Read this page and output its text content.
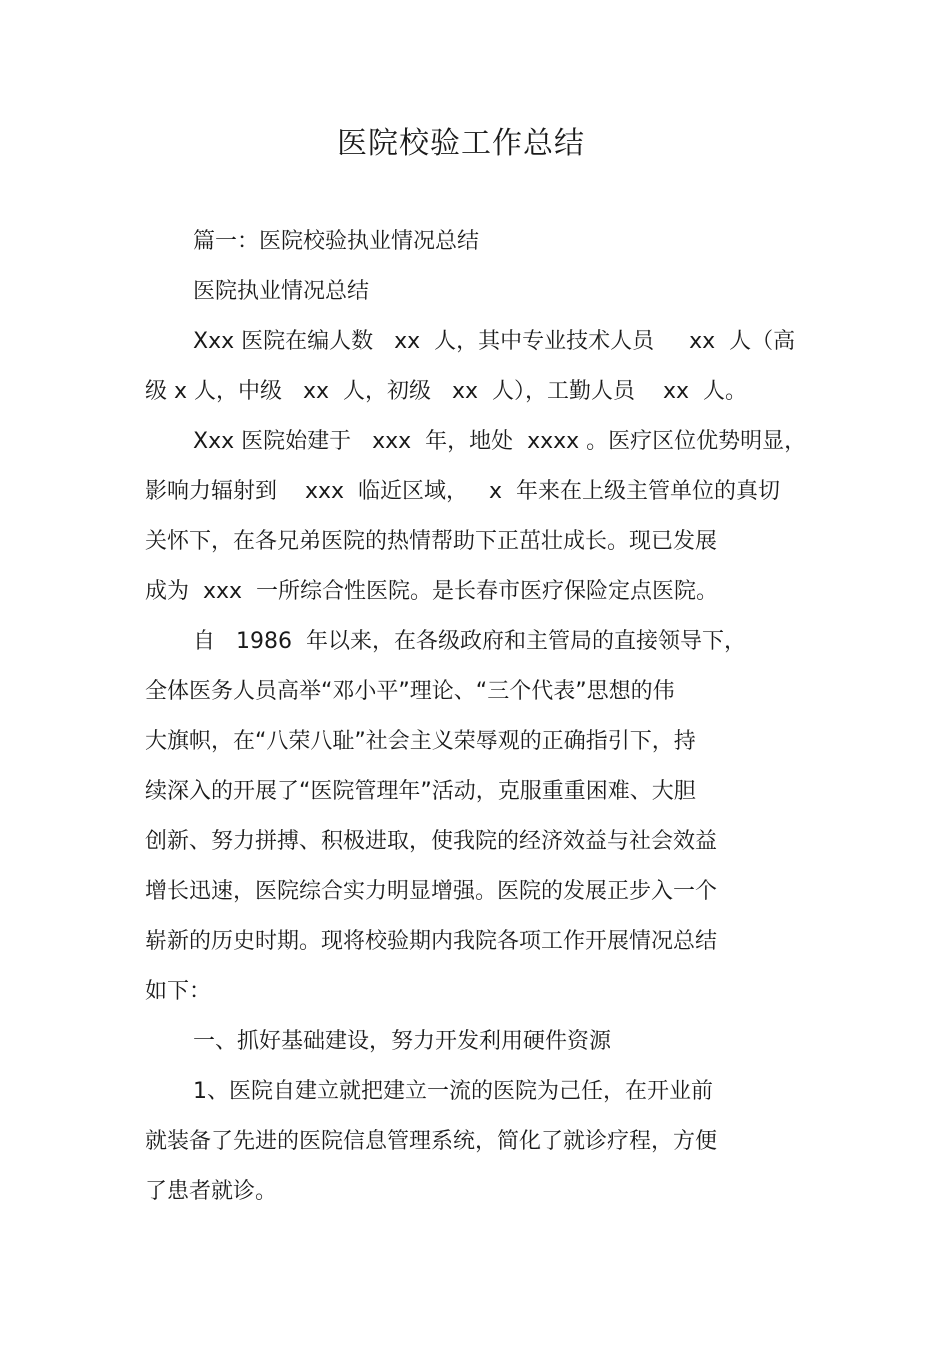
医院校验工作总结
篇一：医院校验执业情况总结
医院执业情况总结
Xxx 医院在编人数   xx  人，其中专业技术人员     xx  人（高
级 x 人，中级   xx  人，初级   xx  人），工勤人员    xx  人。
Xxx 医院始建于   xxx  年，地处  xxxx 。医疗区位优势明显，
影响力辐射到    xxx  临近区域，   x  年来在上级主管单位的真切
关怀下，在各兄弟医院的热情帮助下正茁壮成长。现已发展
成为  xxx  一所综合性医院。是长春市医疗保险定点医院。
自   1986  年以来，在各级政府和主管局的直接领导下，
全体医务人员高举“邓小平”理论、“三个代表”思想的伟
大旗帜，在“八荣八耻”社会主义荣辱观的正确指引下，持
续深入的开展了“医院管理年”活动，克服重重困难、大胆
创新、努力拼搏、积极进取，使我院的经济效益与社会效益
增长迅速，医院综合实力明显增强。医院的发展正步入一个
崭新的历史时期。现将校验期内我院各项工作开展情况总结
如下：
一、抓好基础建设，努力开发利用硬件资源
1、医院自建立就把建立一流的医院为己任，在开业前
就装备了先进的医院信息管理系统，简化了就诊疗程，方便
了患者就诊。
